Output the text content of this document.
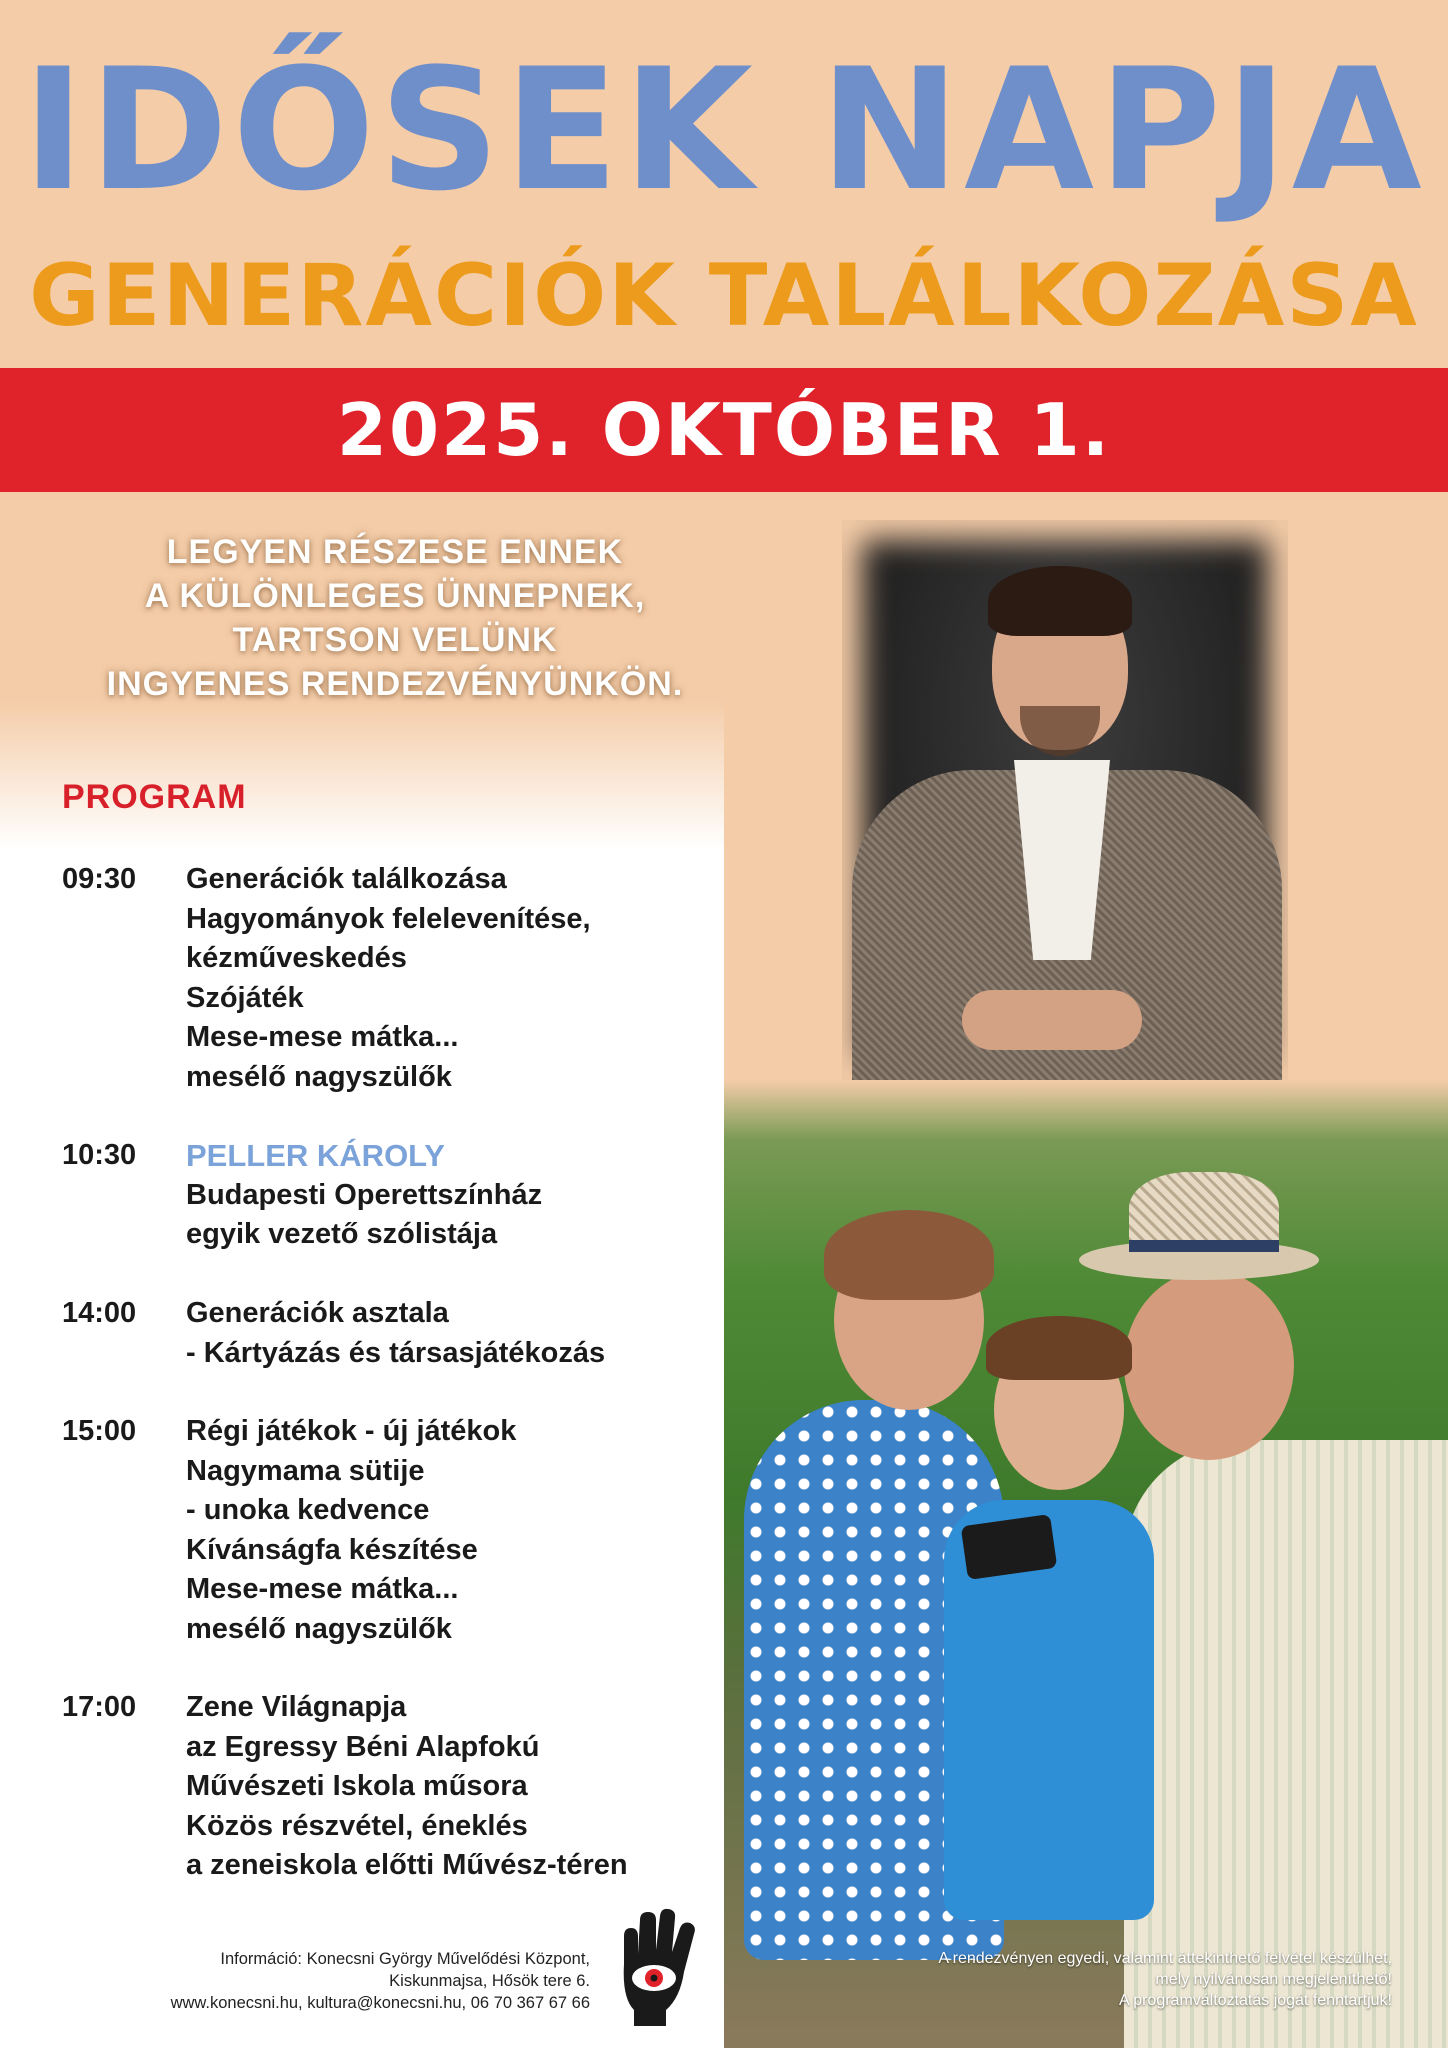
IDŐSEK NAPJA
GENERÁCIÓK TALÁLKOZÁSA
2025. OKTÓBER 1.
LEGYEN RÉSZESE ENNEK
A KÜLÖNLEGES ÜNNEPNEK,
TARTSON VELÜNK
INGYENES RENDEZVÉNYÜNKÖN.
PROGRAM
09:30	Generációk találkozása
Hagyományok felelevenítése,
kézműveskedés
Szójáték
Mese-mese mátka...
mesélő nagyszülők
10:30	PELLER KÁROLY
Budapesti Operettszínház
egyik vezető szólistája
14:00	Generációk asztala
- Kártyázás és társasjátékozás
15:00	Régi játékok - új játékok
Nagymama sütije
- unoka kedvence
Kívánságfa készítése
Mese-mese mátka...
mesélő nagyszülők
17:00	Zene Világnapja
az Egressy Béni Alapfokú
Művészeti Iskola műsora
Közös részvétel, éneklés
a zeneiskola előtti Művész-téren
Információ: Konecsni György Művelődési Központ,
Kiskunmajsa, Hősök tere 6.
www.konecsni.hu, kultura@konecsni.hu, 06 70 367 67 66
A rendezvényen egyedi, valamint áttekinthető felvétel készülhet,
mely nyilvánosan megjeleníthető!
A programváltoztatás jogát fenntartjuk!
